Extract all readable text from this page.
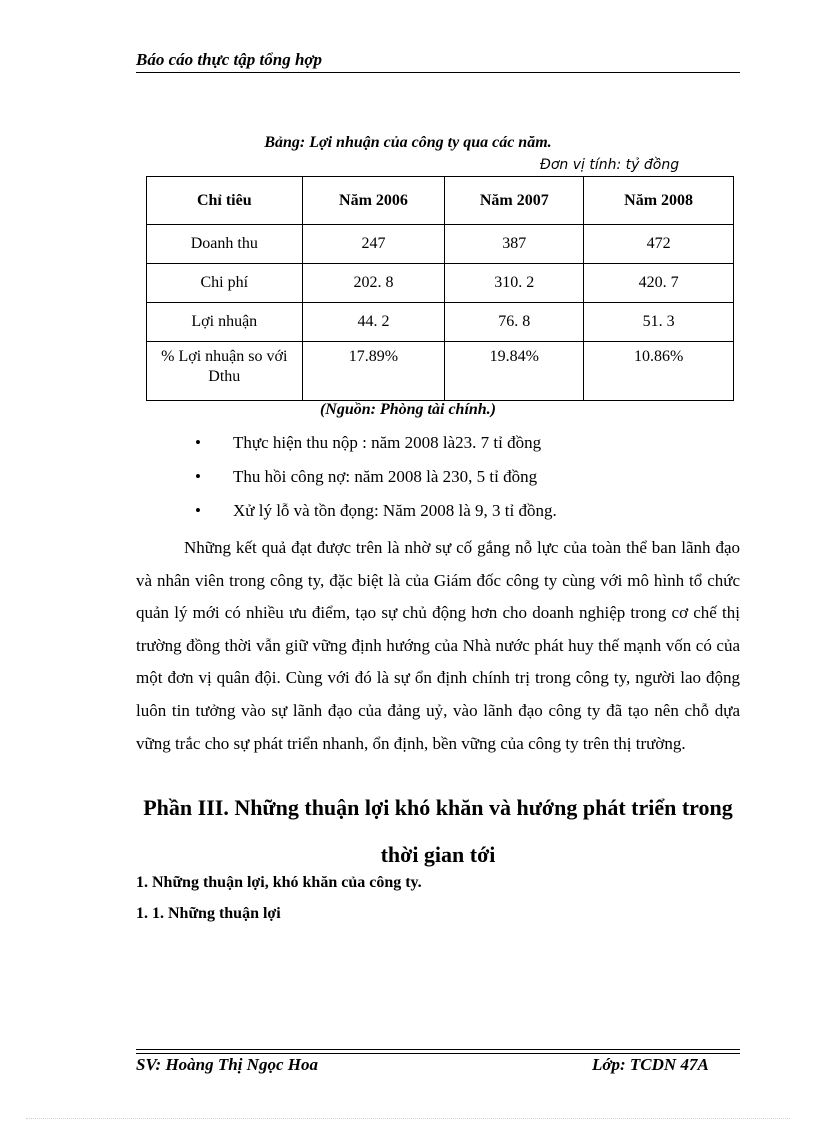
Báo cáo thực tập tổng hợp
Bảng: Lợi nhuận của công ty qua các năm.
Đơn vị tính: tỷ đồng
Chỉ tiêu	Năm 2006	Năm 2007	Năm 2008
Doanh thu	247	387	472
Chi phí	202. 8	310. 2	420. 7
Lợi nhuận	44. 2	76. 8	51. 3
% Lợi nhuận so với Dthu	17.89%	19.84%	10.86%
(Nguồn: Phòng tài chính.)
• Thực hiện thu nộp : năm 2008 là23. 7 tỉ đồng
• Thu hồi công nợ: năm 2008 là 230, 5 tỉ đồng
• Xử lý lỗ và tồn đọng: Năm 2008 là 9, 3 tỉ đồng.

Những kết quả đạt được trên là nhờ sự cố gắng nỗ lực của toàn thể ban lãnh đạo và nhân viên trong công ty, đặc biệt là của Giám đốc công ty cùng với mô hình tổ chức quản lý mới có nhiều ưu điểm, tạo sự chủ động hơn cho doanh nghiệp trong cơ chế thị trường đồng thời vẫn giữ vững định hướng của Nhà nước phát huy thế mạnh vốn có của một đơn vị quân đội. Cùng với đó là sự ổn định chính trị trong công ty, người lao động luôn tin tưởng vào sự lãnh đạo của đảng uỷ, vào lãnh đạo công ty đã tạo nên chỗ dựa vững trắc cho sự phát triển nhanh, ổn định, bền vững của công ty trên thị trường.

Phần III. Những thuận lợi khó khăn và hướng phát triển trong thời gian tới
1. Những thuận lợi, khó khăn của công ty.
1. 1. Những thuận lợi
SV: Hoàng Thị Ngọc Hoa	Lớp: TCDN 47A
